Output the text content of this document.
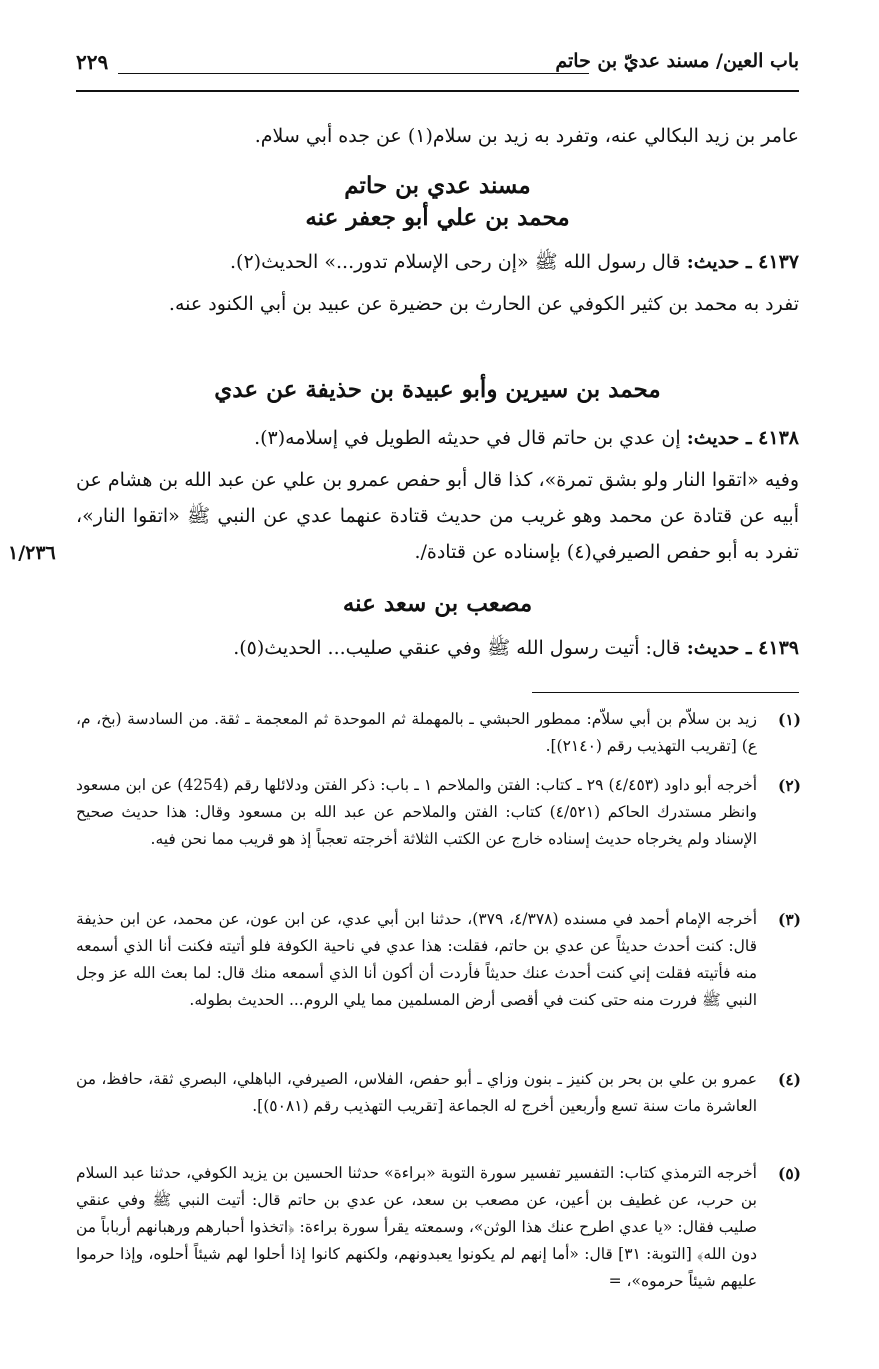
باب العين/ مسند عديّ بن حاتم
٢٢٩
عامر بن زيد البكالي عنه، وتفرد به زيد بن سلام(١) عن جده أبي سلام.
مسند عدي بن حاتم
محمد بن علي أبو جعفر عنه
٤١٣٧ ـ حديث: قال رسول الله ﷺ «إن رحى الإسلام تدور...» الحديث(٢).
تفرد به محمد بن كثير الكوفي عن الحارث بن حضيرة عن عبيد بن أبي الكنود عنه.
محمد بن سيرين وأبو عبيدة بن حذيفة عن عدي
٤١٣٨ ـ حديث: إن عدي بن حاتم قال في حديثه الطويل في إسلامه(٣).
وفيه «اتقوا النار ولو بشق تمرة»، كذا قال أبو حفص عمرو بن علي عن عبد الله بن هشام عن أبيه عن قتادة عن محمد وهو غريب من حديث قتادة عنهما عدي عن النبي ﷺ «اتقوا النار»، تفرد به أبو حفص الصيرفي(٤) بإسناده عن قتادة/.
١/٢٣٦
مصعب بن سعد عنه
٤١٣٩ ـ حديث: قال: أتيت رسول الله ﷺ وفي عنقي صليب... الحديث(٥).
(١)
زيد بن سلاّم بن أبي سلاّم: ممطور الحبشي ـ بالمهملة ثم الموحدة ثم المعجمة ـ ثقة. من السادسة (بخ، م، ع) [تقريب التهذيب رقم (٢١٤٠)].
(٢)
أخرجه أبو داود (٤/٤٥٣) ٢٩ ـ كتاب: الفتن والملاحم ١ ـ باب: ذكر الفتن ودلائلها رقم (4254) عن ابن مسعود وانظر مستدرك الحاكم (٤/٥٢١) كتاب: الفتن والملاحم عن عبد الله بن مسعود وقال: هذا حديث صحيح الإسناد ولم يخرجاه حديث إسناده خارج عن الكتب الثلاثة أخرجته تعجباً إذ هو قريب مما نحن فيه.
(٣)
أخرجه الإمام أحمد في مسنده (٤/٣٧٨، ٣٧٩)، حدثنا ابن أبي عدي، عن ابن عون، عن محمد، عن ابن حذيفة قال: كنت أحدث حديثاً عن عدي بن حاتم، فقلت: هذا عدي في ناحية الكوفة فلو أتيته فكنت أنا الذي أسمعه منه فأتيته فقلت إني كنت أحدث عنك حديثاً فأردت أن أكون أنا الذي أسمعه منك قال: لما بعث الله عز وجل النبي ﷺ فررت منه حتى كنت في أقصى أرض المسلمين مما يلي الروم... الحديث بطوله.
(٤)
عمرو بن علي بن بحر بن كنيز ـ بنون وزاي ـ أبو حفص، الفلاس، الصيرفي، الباهلي، البصري ثقة، حافظ، من العاشرة مات سنة تسع وأربعين أخرج له الجماعة [تقريب التهذيب رقم (٥٠٨١)].
(٥)
أخرجه الترمذي كتاب: التفسير تفسير سورة التوبة «براءة» حدثنا الحسين بن يزيد الكوفي، حدثنا عبد السلام بن حرب، عن غطيف بن أعين، عن مصعب بن سعد، عن عدي بن حاتم قال: أتيت النبي ﷺ وفي عنقي صليب فقال: «يا عدي اطرح عنك هذا الوثن»، وسمعته يقرأ سورة براءة: ﴿اتخذوا أحبارهم ورهبانهم أرباباً من دون الله﴾ [التوبة: ٣١] قال: «أما إنهم لم يكونوا يعبدونهم، ولكنهم كانوا إذا أحلوا لهم شيئاً أحلوه، وإذا حرموا عليهم شيئاً حرموه»، =
